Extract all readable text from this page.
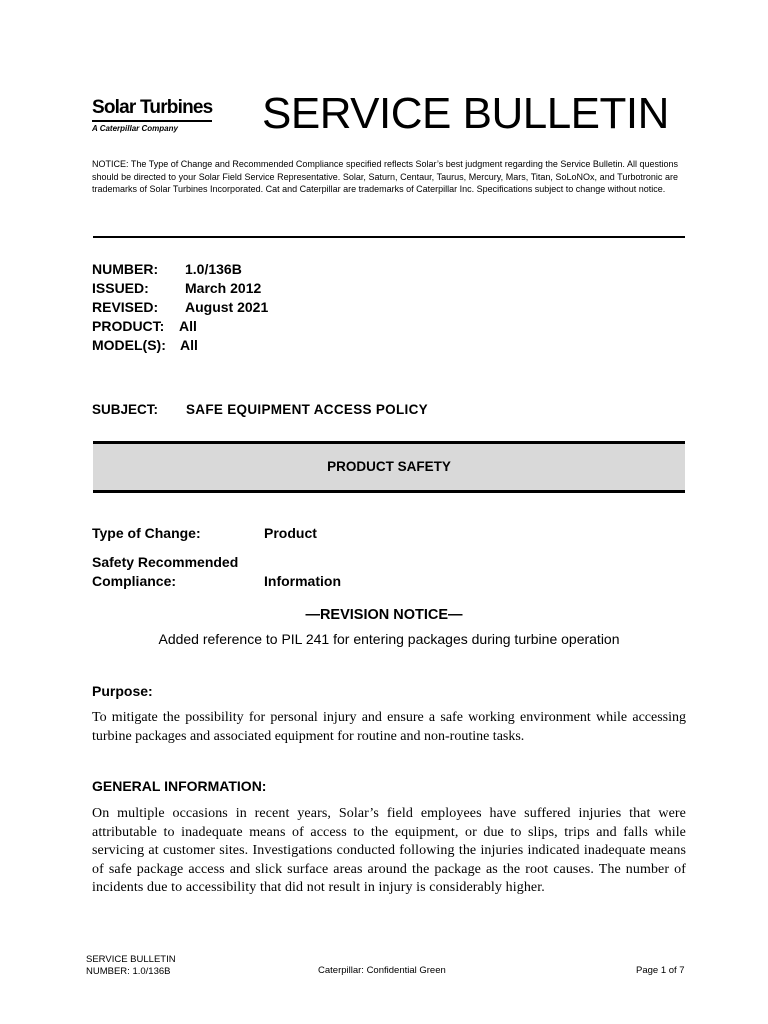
Solar Turbines
A Caterpillar Company	SERVICE BULLETIN
NOTICE: The Type of Change and Recommended Compliance specified reflects Solar’s best judgment regarding the Service Bulletin. All questions should be directed to your Solar Field Service Representative. Solar, Saturn, Centaur, Taurus, Mercury, Mars, Titan, SoLoNOx, and Turbotronic are trademarks of Solar Turbines Incorporated. Cat and Caterpillar are trademarks of Caterpillar Inc. Specifications subject to change without notice.
NUMBER: 1.0/136B
ISSUED:	March 2012
REVISED: August 2021
PRODUCT: All
MODEL(S): All
SUBJECT: SAFE EQUIPMENT ACCESS POLICY
PRODUCT SAFETY
Type of Change:	Product
Safety Recommended
Compliance:	Information
—REVISION NOTICE—
Added reference to PIL 241 for entering packages during turbine operation
Purpose:
To mitigate the possibility for personal injury and ensure a safe working environment while accessing turbine packages and associated equipment for routine and non-routine tasks.
GENERAL INFORMATION:
On multiple occasions in recent years, Solar’s field employees have suffered injuries that were attributable to inadequate means of access to the equipment, or due to slips, trips and falls while servicing at customer sites. Investigations conducted following the injuries indicated inadequate means of safe package access and slick surface areas around the package as the root causes. The number of incidents due to accessibility that did not result in injury is considerably higher.
SERVICE BULLETIN
NUMBER: 1.0/136B	Caterpillar: Confidential Green	Page 1 of 7
